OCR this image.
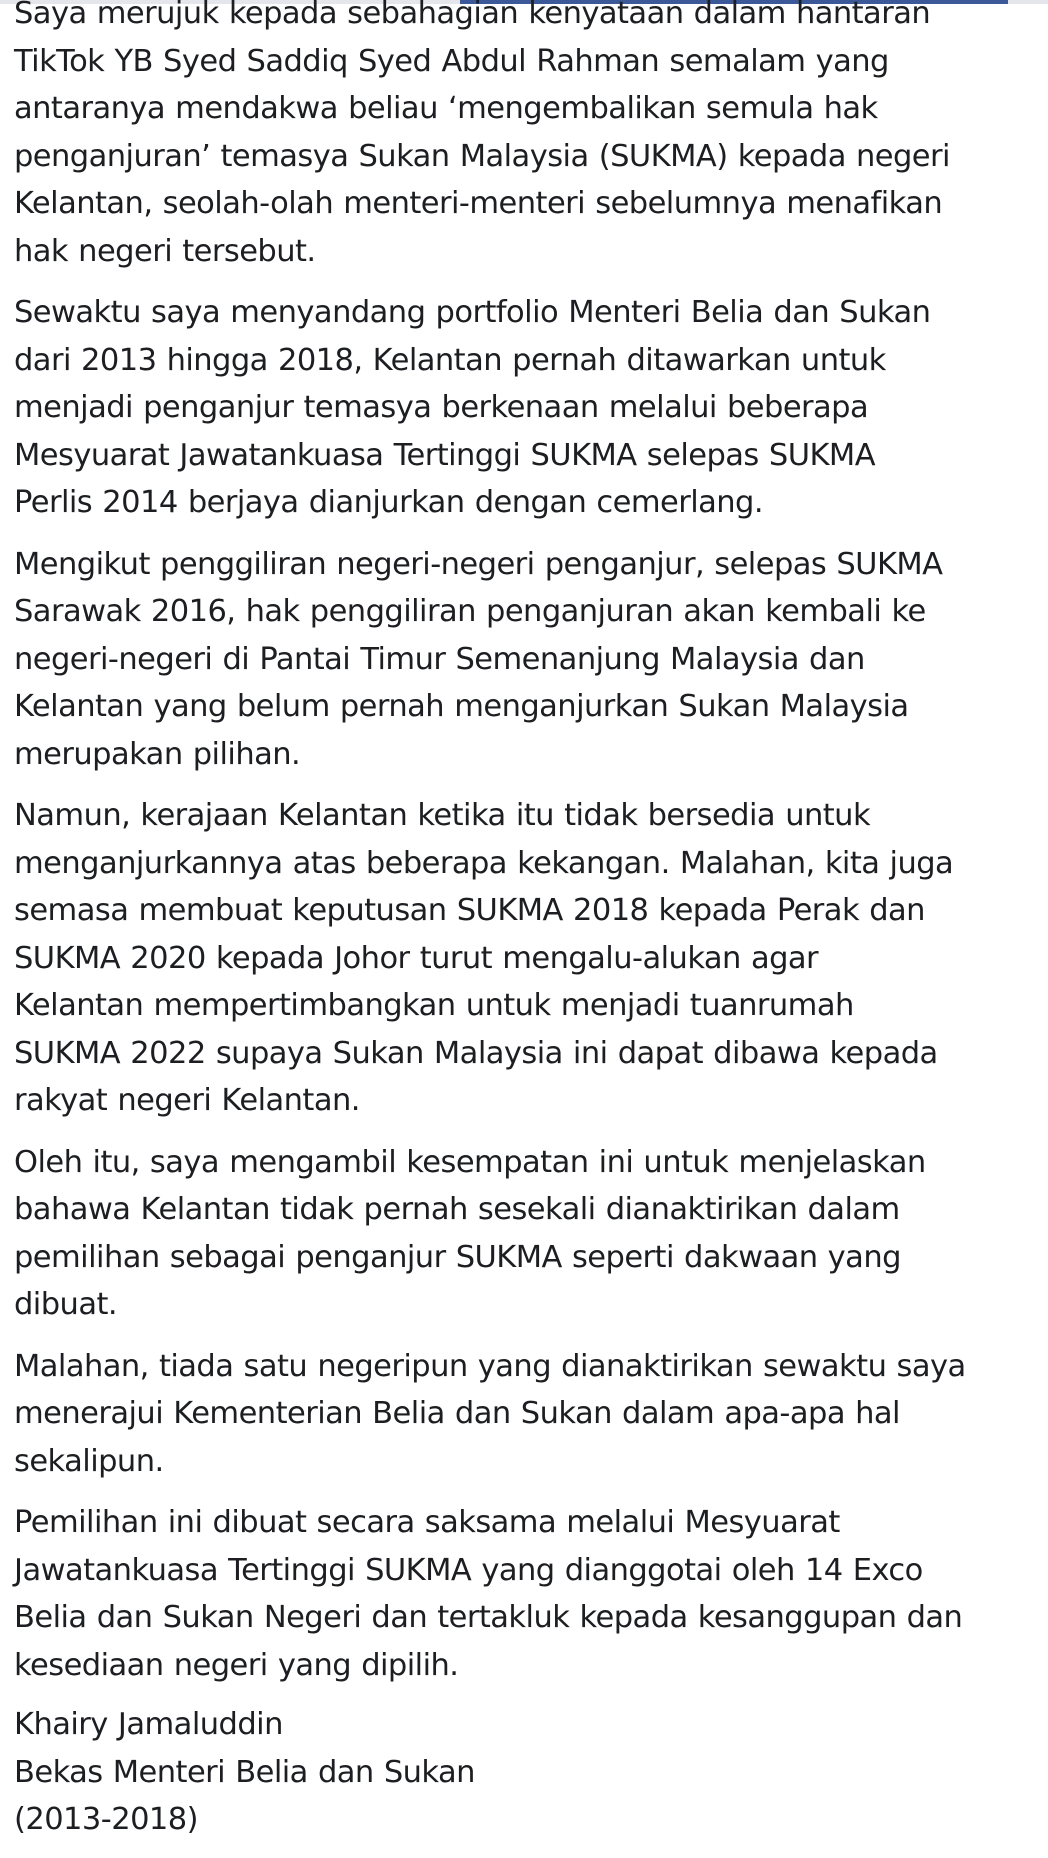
Saya merujuk kepada sebahagian kenyataan dalam hantaran
TikTok YB Syed Saddiq Syed Abdul Rahman semalam yang
antaranya mendakwa beliau ‘mengembalikan semula hak
penganjuran’ temasya Sukan Malaysia (SUKMA) kepada negeri
Kelantan, seolah-olah menteri-menteri sebelumnya menafikan
hak negeri tersebut.

Sewaktu saya menyandang portfolio Menteri Belia dan Sukan
dari 2013 hingga 2018, Kelantan pernah ditawarkan untuk
menjadi penganjur temasya berkenaan melalui beberapa
Mesyuarat Jawatankuasa Tertinggi SUKMA selepas SUKMA
Perlis 2014 berjaya dianjurkan dengan cemerlang.

Mengikut penggiliran negeri-negeri penganjur, selepas SUKMA
Sarawak 2016, hak penggiliran penganjuran akan kembali ke
negeri-negeri di Pantai Timur Semenanjung Malaysia dan
Kelantan yang belum pernah menganjurkan Sukan Malaysia
merupakan pilihan.

Namun, kerajaan Kelantan ketika itu tidak bersedia untuk
menganjurkannya atas beberapa kekangan. Malahan, kita juga
semasa membuat keputusan SUKMA 2018 kepada Perak dan
SUKMA 2020 kepada Johor turut mengalu-alukan agar
Kelantan mempertimbangkan untuk menjadi tuanrumah
SUKMA 2022 supaya Sukan Malaysia ini dapat dibawa kepada
rakyat negeri Kelantan.

Oleh itu, saya mengambil kesempatan ini untuk menjelaskan
bahawa Kelantan tidak pernah sesekali dianaktirikan dalam
pemilihan sebagai penganjur SUKMA seperti dakwaan yang
dibuat.

Malahan, tiada satu negeripun yang dianaktirikan sewaktu saya
menerajui Kementerian Belia dan Sukan dalam apa-apa hal
sekalipun.

Pemilihan ini dibuat secara saksama melalui Mesyuarat
Jawatankuasa Tertinggi SUKMA yang dianggotai oleh 14 Exco
Belia dan Sukan Negeri dan tertakluk kepada kesanggupan dan
kesediaan negeri yang dipilih.

Khairy Jamaluddin
Bekas Menteri Belia dan Sukan
(2013-2018)
